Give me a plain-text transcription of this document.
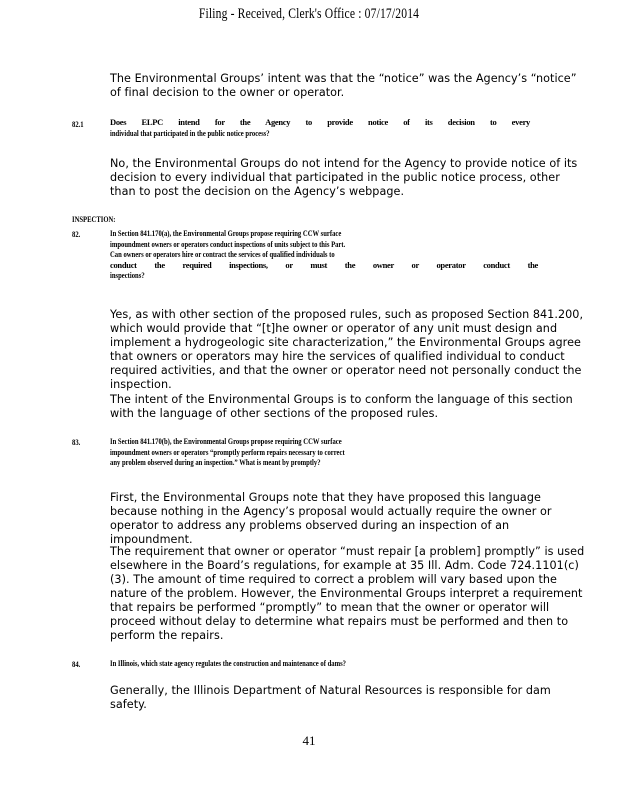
Filing - Received, Clerk's Office : 07/17/2014
The Environmental Groups’ intent was that the “notice” was the Agency’s “notice” of final decision to the owner or operator.
82.1	Does ELPC intend for the Agency to provide notice of its decision to every
individual that participated in the public notice process?
No, the Environmental Groups do not intend for the Agency to provide notice of its decision to every individual that participated in the public notice process, other than to post the decision on the Agency’s webpage.
INSPECTION:
82.	In Section 841.170(a), the Environmental Groups propose requiring CCW surface
impoundment owners or operators conduct inspections of units subject to this Part.
Can owners or operators hire or contract the services of qualified individuals to
conduct the required inspections, or must the owner or operator conduct the
inspections?
Yes, as with other section of the proposed rules, such as proposed Section 841.200, which would provide that “[t]he owner or operator of any unit must design and implement a hydrogeologic site characterization,” the Environmental Groups agree that owners or operators may hire the services of qualified individual to conduct required activities, and that the owner or operator need not personally conduct the inspection.
The intent of the Environmental Groups is to conform the language of this section with the language of other sections of the proposed rules.
83.	In Section 841.170(b), the Environmental Groups propose requiring CCW surface
impoundment owners or operators “promptly perform repairs necessary to correct
any problem observed during an inspection.” What is meant by promptly?
First, the Environmental Groups note that they have proposed this language because nothing in the Agency’s proposal would actually require the owner or operator to address any problems observed during an inspection of an impoundment.
The requirement that owner or operator “must repair [a problem] promptly” is used elsewhere in the Board’s regulations, for example at 35 Ill. Adm. Code 724.1101(c)(3). The amount of time required to correct a problem will vary based upon the nature of the problem. However, the Environmental Groups interpret a requirement that repairs be performed “promptly” to mean that the owner or operator will proceed without delay to determine what repairs must be performed and then to perform the repairs.
84.	In Illinois, which state agency regulates the construction and maintenance of dams?
Generally, the Illinois Department of Natural Resources is responsible for dam safety.
41
